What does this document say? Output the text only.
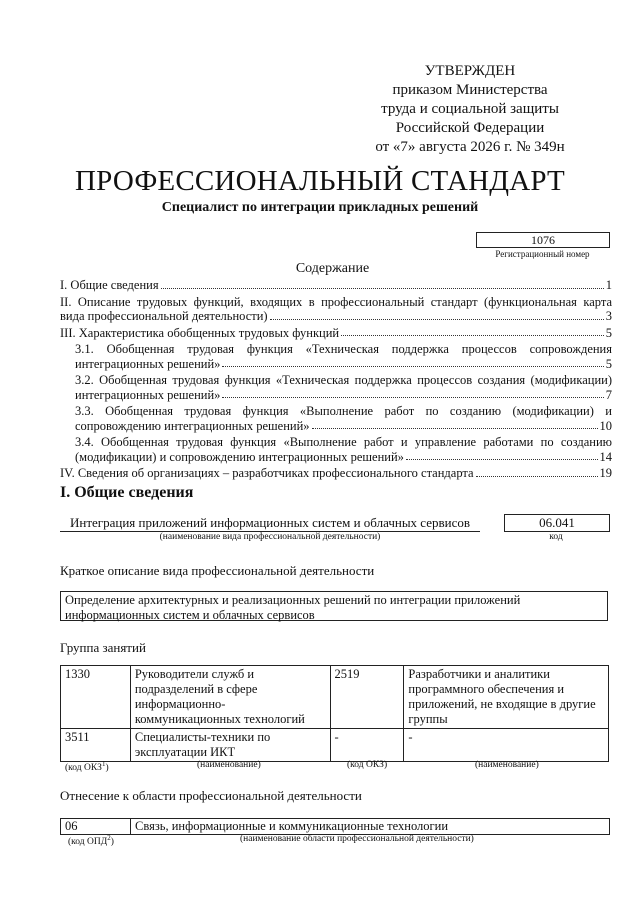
УТВЕРЖДЕН
приказом Министерства
труда и социальной защиты
Российской Федерации
от «7» августа 2026 г. № 349н
ПРОФЕССИОНАЛЬНЫЙ СТАНДАРТ
Специалист по интеграции прикладных решений
1076
Регистрационный номер
Содержание
I. Общие сведения	1
II. Описание трудовых функций, входящих в профессиональный стандарт (функциональная карта
вида профессиональной деятельности)	3
III. Характеристика обобщенных трудовых функций	5
3.1. Обобщенная трудовая функция «Техническая поддержка процессов сопровождения
интеграционных решений»	5
3.2. Обобщенная трудовая функция «Техническая поддержка процессов создания (модификации)
интеграционных решений»	7
3.3. Обобщенная трудовая функция «Выполнение работ по созданию (модификации) и
сопровождению интеграционных решений»	10
3.4. Обобщенная трудовая функция «Выполнение работ и управление работами по созданию
(модификации) и сопровождению интеграционных решений»	14
IV. Сведения об организациях – разработчиках профессионального стандарта	19
I. Общие сведения
Интеграция приложений информационных систем и облачных сервисов
(наименование вида профессиональной деятельности)
06.041
код
Краткое описание вида профессиональной деятельности
Определение архитектурных и реализационных решений по интеграции приложений информационных систем и облачных сервисов
Группа занятий
1330	Руководители служб и подразделений в сфере информационно-коммуникационных технологий	2519	Разработчики и аналитики программного обеспечения и приложений, не входящие в другие группы
3511	Специалисты-техники по эксплуатации ИКТ	-	-
(код ОКЗ$^1$)	(наименование)	(код ОКЗ)	(наименование)
Отнесение к области профессиональной деятельности
06	Связь, информационные и коммуникационные технологии
(код ОПД$^2$)	(наименование области профессиональной деятельности)
